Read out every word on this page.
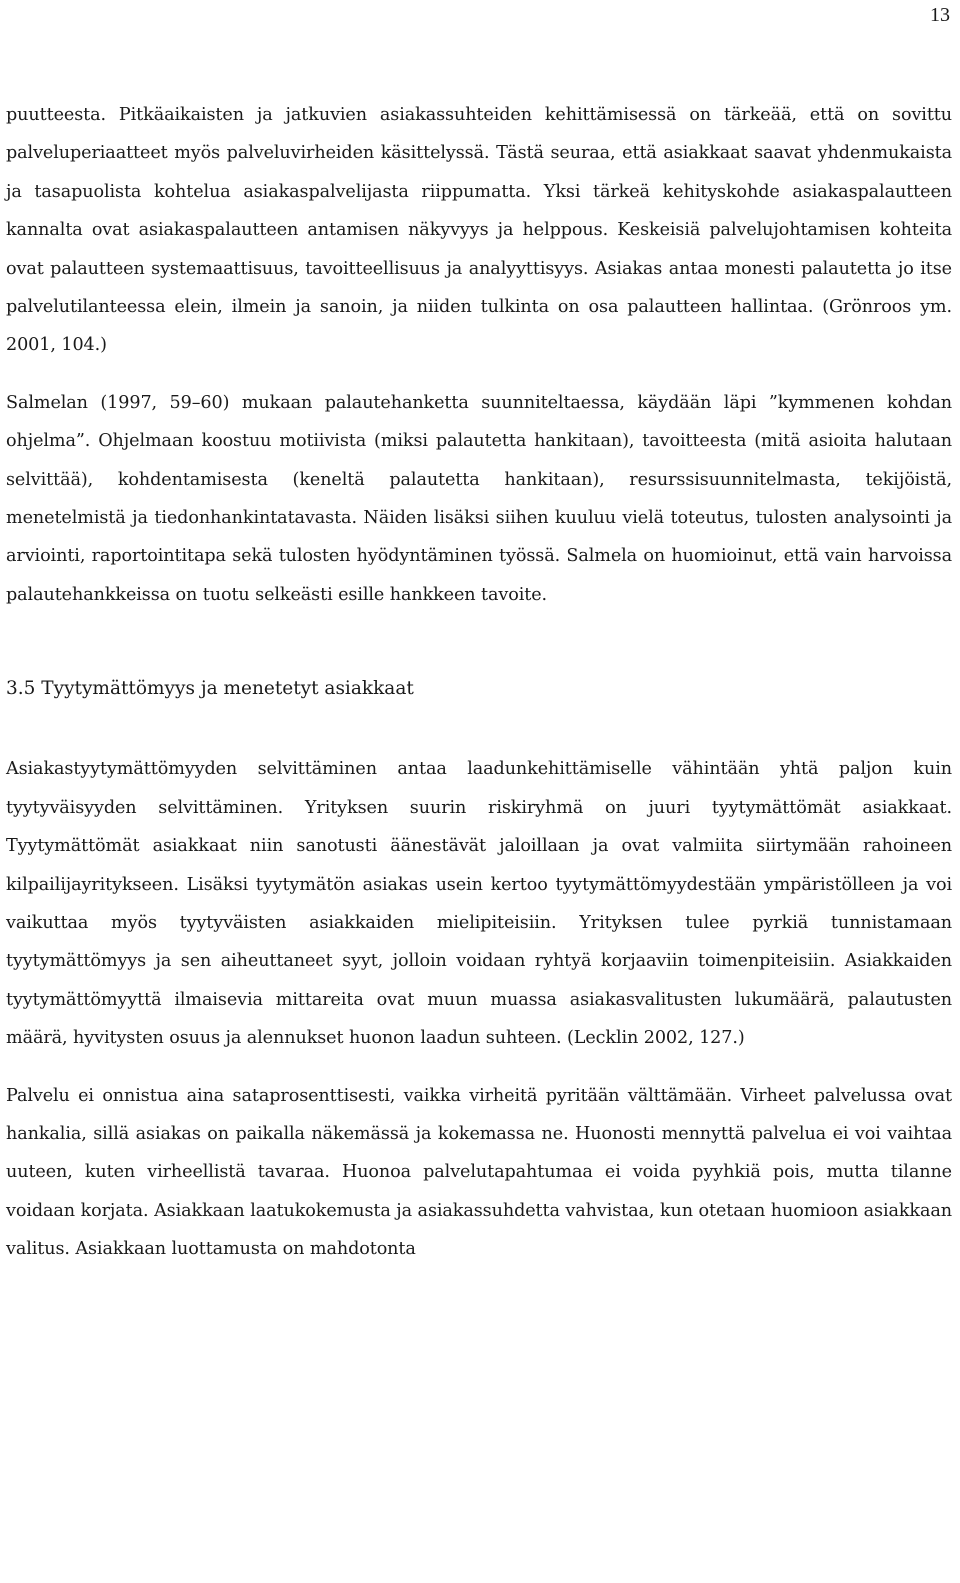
13

puutteesta. Pitkäaikaisten ja jatkuvien asiakassuhteiden kehittämisessä on tärkeää, että on sovittu palveluperiaatteet myös palveluvirheiden käsittelyssä. Tästä seuraa, että asiakkaat saavat yhdenmukaista ja tasapuolista kohtelua asiakaspalvelijasta riippumatta. Yksi tärkeä kehityskohde asiakaspalautteen kannalta ovat asiakaspalautteen antamisen näkyvyys ja helppous. Keskeisiä palvelujohtamisen kohteita ovat palautteen systemaattisuus, tavoitteellisuus ja analyyttisyys. Asiakas antaa monesti palautetta jo itse palvelutilanteessa elein, ilmein ja sanoin, ja niiden tulkinta on osa palautteen hallintaa. (Grönroos ym. 2001, 104.)

Salmelan (1997, 59–60) mukaan palautehanketta suunniteltaessa, käydään läpi ”kymmenen kohdan ohjelma”. Ohjelmaan koostuu motiivista (miksi palautetta hankitaan), tavoitteesta (mitä asioita halutaan selvittää), kohdentamisesta (keneltä palautetta hankitaan), resurssisuunnitelmasta, tekijöistä, menetelmistä ja tiedonhankintatavasta. Näiden lisäksi siihen kuuluu vielä toteutus, tulosten analysointi ja arviointi, raportointitapa sekä tulosten hyödyntäminen työssä. Salmela on huomioinut, että vain harvoissa palautehankkeissa on tuotu selkeästi esille hankkeen tavoite.

3.5 Tyytymättömyys ja menetetyt asiakkaat

Asiakastyytymättömyyden selvittäminen antaa laadunkehittämiselle vähintään yhtä paljon kuin tyytyväisyyden selvittäminen. Yrityksen suurin riskiryhmä on juuri tyytymättömät asiakkaat. Tyytymättömät asiakkaat niin sanotusti äänestävät jaloillaan ja ovat valmiita siirtymään rahoineen kilpailijayritykseen. Lisäksi tyytymätön asiakas usein kertoo tyytymättömyydestään ympäristölleen ja voi vaikuttaa myös tyytyväisten asiakkaiden mielipiteisiin. Yrityksen tulee pyrkiä tunnistamaan tyytymättömyys ja sen aiheuttaneet syyt, jolloin voidaan ryhtyä korjaaviin toimenpiteisiin. Asiakkaiden tyytymättömyyttä ilmaisevia mittareita ovat muun muassa asiakasvalitusten lukumäärä, palautusten määrä, hyvitysten osuus ja alennukset huonon laadun suhteen. (Lecklin 2002, 127.)

Palvelu ei onnistua aina sataprosenttisesti, vaikka virheitä pyritään välttämään. Virheet palvelussa ovat hankalia, sillä asiakas on paikalla näkemässä ja kokemassa ne. Huonosti mennyttä palvelua ei voi vaihtaa uuteen, kuten virheellistä tavaraa. Huonoa palvelutapahtumaa ei voida pyyhkiä pois, mutta tilanne voidaan korjata. Asiakkaan laatukokemusta ja asiakassuhdetta vahvistaa, kun otetaan huomioon asiakkaan valitus. Asiakkaan luottamusta on mahdotonta
